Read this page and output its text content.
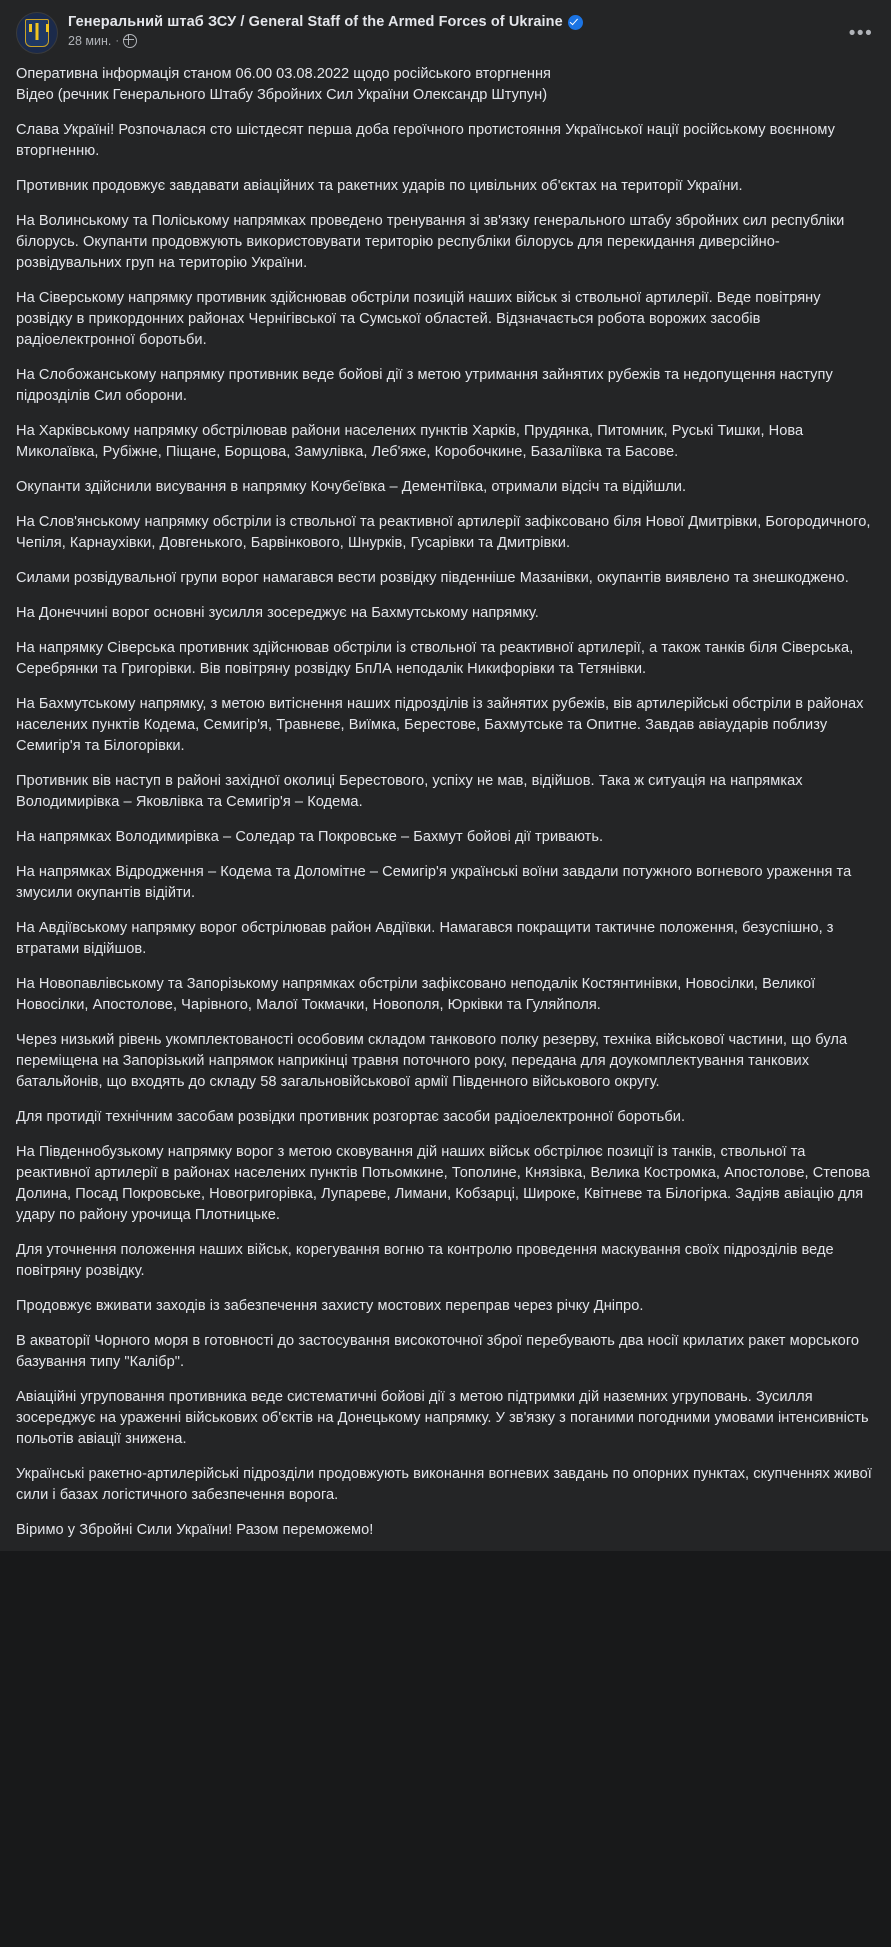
Генеральний штаб ЗСУ / General Staff of the Armed Forces of Ukraine
28 мин. ·	•••
Оперативна інформація станом 06.00 03.08.2022 щодо російського вторгнення
Відео (речник Генерального Штабу Збройних Сил України Олександр Штупун)

Слава Україні! Розпочалася сто шістдесят перша доба героїчного протистояння Української нації російському воєнному вторгненню.

Противник продовжує завдавати авіаційних та ракетних ударів по цивільних об'єктах на території України.

На Волинському та Поліському напрямках проведено тренування зі зв'язку генерального штабу збройних сил республіки білорусь. Окупанти продовжують використовувати територію республіки білорусь для перекидання диверсійно-розвідувальних груп на територію України.

На Сіверському напрямку противник здійснював обстріли позицій наших військ зі ствольної артилерії. Веде повітряну розвідку в прикордонних районах Чернігівської та Сумської областей. Відзначається робота ворожих засобів радіоелектронної боротьби.

На Слобожанському напрямку противник веде бойові дії з метою утримання зайнятих рубежів та недопущення наступу підрозділів Сил оборони.

На Харківському напрямку обстрілював райони населених пунктів Харків, Прудянка, Питомник, Руські Тишки, Нова Миколаївка, Рубіжне, Піщане, Борщова, Замулівка, Леб'яже, Коробочкине, Базаліївка та Басове.

Окупанти здійснили висування в напрямку Кочубеївка – Дементіївка, отримали відсіч та відійшли.

На Слов'янському напрямку обстріли із ствольної та реактивної артилерії зафіксовано біля Нової Дмитрівки, Богородичного, Чепіля, Карнаухівки, Довгенького, Барвінкового, Шнурків, Гусарівки та Дмитрівки.

Силами розвідувальної групи ворог намагався вести розвідку південніше Мазанівки, окупантів виявлено та знешкоджено.

На Донеччині ворог основні зусилля зосереджує на Бахмутському напрямку.

На напрямку Сіверська противник здійснював обстріли із ствольної та реактивної артилерії, а також танків біля Сіверська, Серебрянки та Григорівки. Вів повітряну розвідку БпЛА неподалік Никифорівки та Тетянівки.

На Бахмутському напрямку, з метою витіснення наших підрозділів із зайнятих рубежів, вів артилерійські обстріли в районах населених пунктів Кодема, Семигір'я, Травневе, Виїмка, Берестове, Бахмутське та Опитне. Завдав авіаударів поблизу Семигір'я та Білогорівки.

Противник вів наступ в районі західної околиці Берестового, успіху не мав, відійшов. Така ж ситуація на напрямках Володимирівка – Яковлівка та Семигір'я – Кодема.

На напрямках Володимирівка – Соледар та Покровське – Бахмут бойові дії тривають.

На напрямках Відродження – Кодема та Доломітне – Семигір'я українські воїни завдали потужного вогневого ураження та змусили окупантів відійти.

На Авдіївському напрямку ворог обстрілював район Авдіївки. Намагався покращити тактичне положення, безуспішно, з втратами відійшов.

На Новопавлівському та Запорізькому напрямках обстріли зафіксовано неподалік Костянтинівки, Новосілки, Великої Новосілки, Апостолове, Чарівного, Малої Токмачки, Новополя, Юрківки та Гуляйполя.

Через низький рівень укомплектованості особовим складом танкового полку резерву, техніка військової частини, що була переміщена на Запорізький напрямок наприкінці травня поточного року, передана для доукомплектування танкових батальйонів, що входять до складу 58 загальновійськової армії Південного військового округу.

Для протидії технічним засобам розвідки противник розгортає засоби радіоелектронної боротьби.

На Південнобузькому напрямку ворог з метою сковування дій наших військ обстрілює позиції із танків, ствольної та реактивної артилерії в районах населених пунктів Потьомкине, Тополине, Князівка, Велика Костромка, Апостолове, Степова Долина, Посад Покровське, Новогригорівка, Лупареве, Лимани, Кобзарці, Широке, Квітневе та Білогірка. Задіяв авіацію для удару по району урочища Плотницьке.

Для уточнення положення наших військ, корегування вогню та контролю проведення маскування своїх підрозділів веде повітряну розвідку.

Продовжує вживати заходів із забезпечення захисту мостових переправ через річку Дніпро.

В акваторії Чорного моря в готовності до застосування високоточної зброї перебувають два носії крилатих ракет морського базування типу "Калібр".

Авіаційні угруповання противника веде систематичні бойові дії з метою підтримки дій наземних угруповань. Зусилля зосереджує на ураженні військових об'єктів на Донецькому напрямку. У зв'язку з поганими погодними умовами інтенсивність польотів авіації знижена.

Українські ракетно-артилерійські підрозділи продовжують виконання вогневих завдань по опорних пунктах, скупченнях живої сили і базах логістичного забезпечення ворога.

Віримо у Збройні Сили України! Разом переможемо!
